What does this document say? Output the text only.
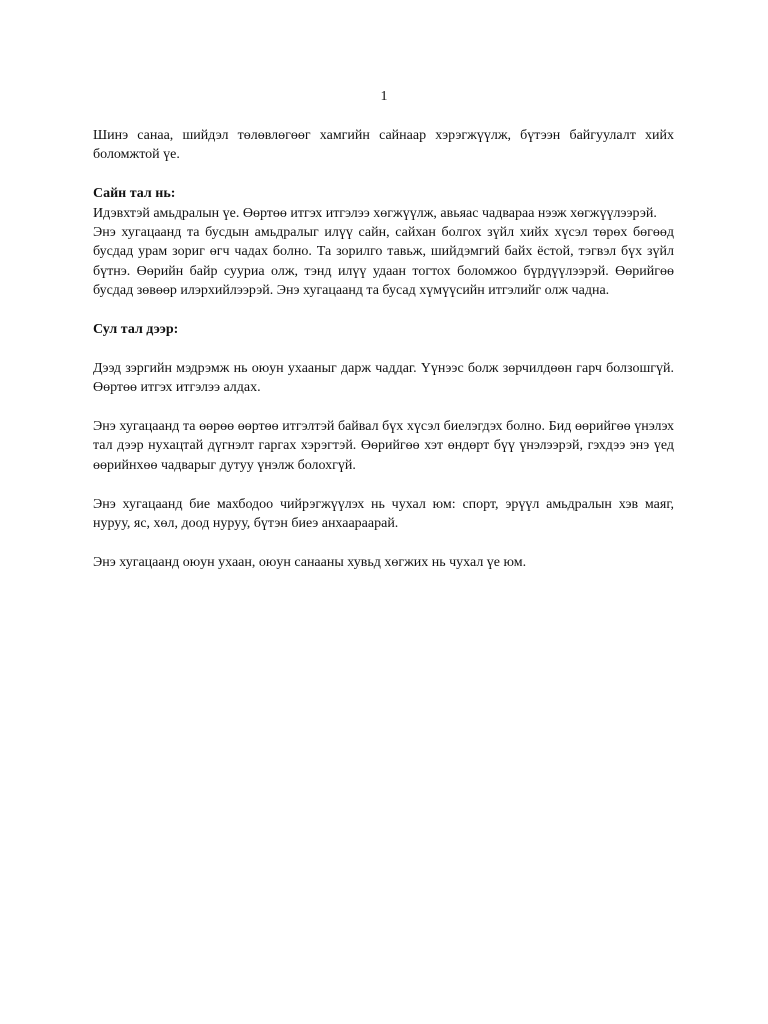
1

Шинэ санаа, шийдэл төлөвлөгөөг хамгийн сайнаар хэрэгжүүлж, бүтээн байгуулалт хийх боломжтой үе.

Сайн тал нь:

Идэвхтэй амьдралын үе. Өөртөө итгэх итгэлээ хөгжүүлж, авьяас чадвараа нээж хөгжүүлээрэй.

Энэ хугацаанд та бусдын амьдралыг илүү сайн, сайхан болгох зүйл хийх хүсэл төрөх бөгөөд бусдад урам зориг өгч чадах болно. Та зорилго тавьж, шийдэмгий байх ёстой, тэгвэл бүх зүйл бүтнэ. Өөрийн байр сууриа олж, тэнд илүү удаан тогтох боломжоо бүрдүүлээрэй. Өөрийгөө бусдад зөвөөр илэрхийлээрэй. Энэ хугацаанд та бусад хүмүүсийн итгэлийг олж чадна.

Сул тал дээр:

Дээд зэргийн мэдрэмж нь оюун ухааныг дарж чаддаг. Үүнээс болж зөрчилдөөн гарч болзошгүй. Өөртөө итгэх итгэлээ алдах.

Энэ хугацаанд та өөрөө өөртөө итгэлтэй байвал бүх хүсэл биелэгдэх болно. Бид өөрийгөө үнэлэх тал дээр нухацтай дүгнэлт гаргах хэрэгтэй. Өөрийгөө хэт өндөрт бүү үнэлээрэй, гэхдээ энэ үед өөрийнхөө чадварыг дутуу үнэлж болохгүй.

Энэ хугацаанд бие махбодоо чийрэгжүүлэх нь чухал юм: спорт, эрүүл амьдралын хэв маяг, нуруу, яс, хөл, доод нуруу, бүтэн биеэ анхаараарай.

Энэ хугацаанд оюун ухаан, оюун санааны хувьд хөгжих нь чухал үе юм.
